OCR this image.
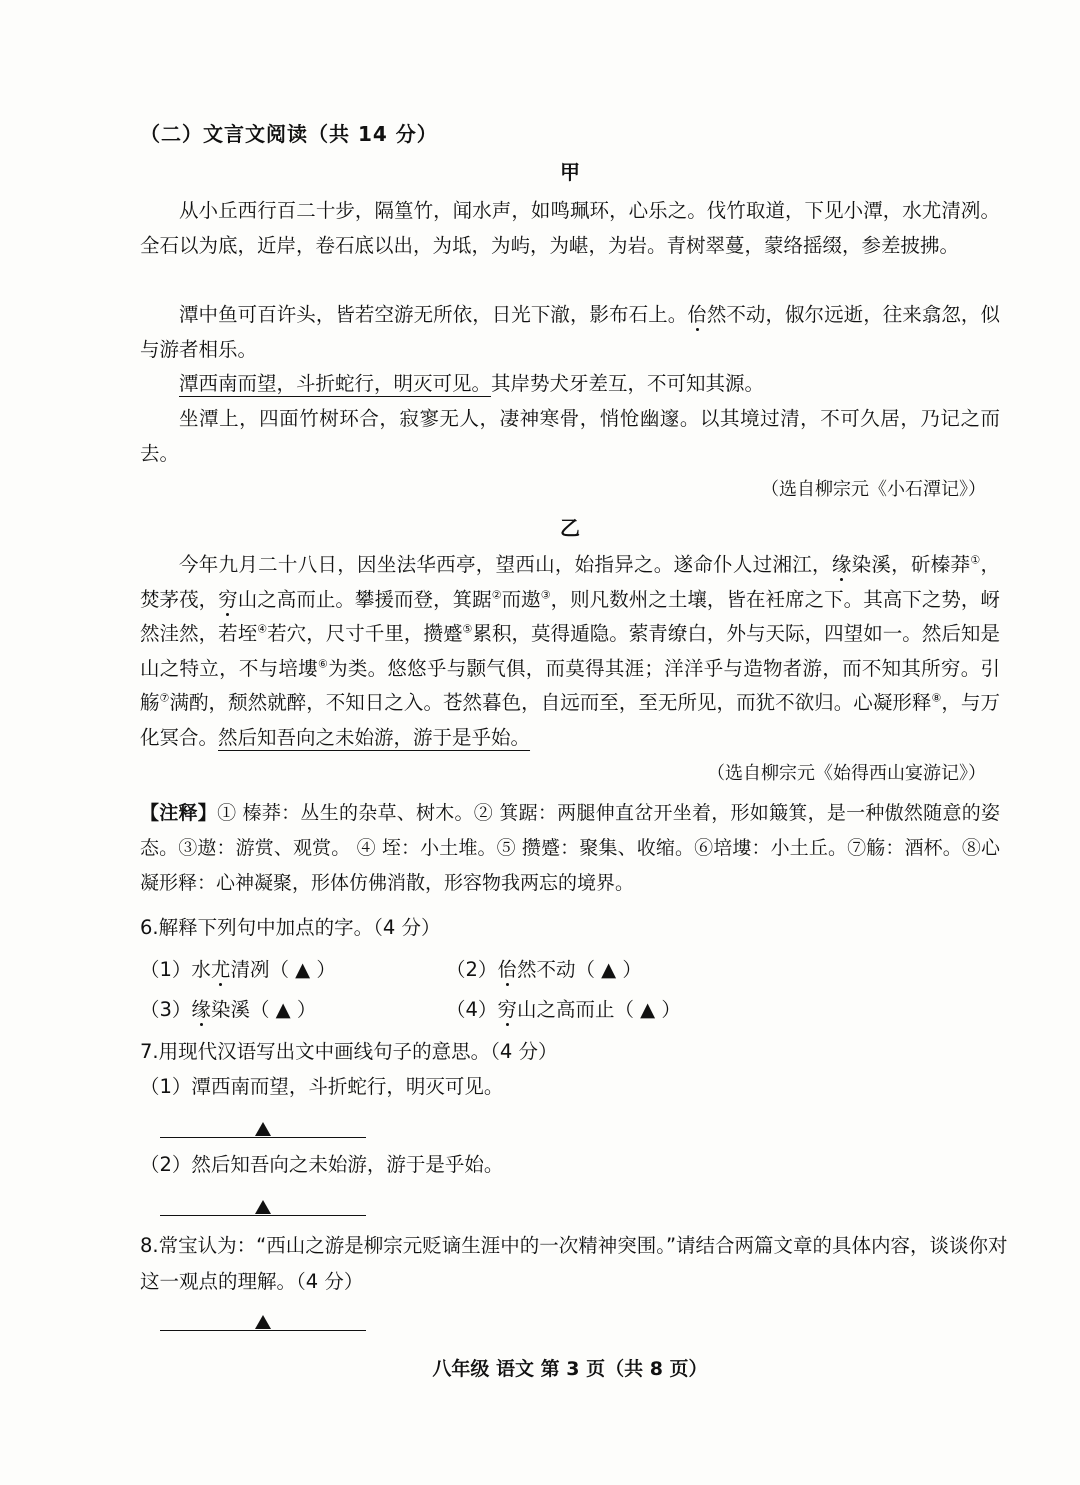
（二）文言文阅读（共 14 分）
甲
从小丘西行百二十步，隔篁竹，闻水声，如鸣珮环，心乐之。伐竹取道，下见小潭，水尤清冽。全石以为底，近岸，卷石底以出，为坻，为屿，为嵁，为岩。青树翠蔓，蒙络摇缀，参差披拂。
潭中鱼可百许头，皆若空游无所依，日光下澈，影布石上。佁然不动，俶尔远逝，往来翕忽，似与游者相乐。
潭西南而望，斗折蛇行，明灭可见。其岸势犬牙差互，不可知其源。
坐潭上，四面竹树环合，寂寥无人，凄神寒骨，悄怆幽邃。以其境过清，不可久居，乃记之而去。
（选自柳宗元《小石潭记》）
乙
今年九月二十八日，因坐法华西亭，望西山，始指异之。遂命仆人过湘江，缘染溪，斫榛莽①，焚茅茷，穷山之高而止。攀援而登，箕踞②而遨③，则凡数州之土壤，皆在衽席之下。其高下之势，岈然洼然，若垤④若穴，尺寸千里，攒蹙⑤累积，莫得遁隐。萦青缭白，外与天际，四望如一。然后知是山之特立，不与培塿⑥为类。悠悠乎与颢气俱，而莫得其涯；洋洋乎与造物者游，而不知其所穷。引觞⑦满酌，颓然就醉，不知日之入。苍然暮色，自远而至，至无所见，而犹不欲归。心凝形释⑧，与万化冥合。然后知吾向之未始游，游于是乎始。
（选自柳宗元《始得西山宴游记》）
【注释】① 榛莽：丛生的杂草、树木。② 箕踞：两腿伸直岔开坐着，形如簸箕，是一种傲然随意的姿态。③遨：游赏、观赏。 ④ 垤：小土堆。⑤ 攒蹙：聚集、收缩。⑥培塿：小土丘。⑦觞：酒杯。⑧心凝形释：心神凝聚，形体仿佛消散，形容物我两忘的境界。
6.解释下列句中加点的字。（4 分）
（1）水尤清冽（ ▲ ）	（2）佁然不动（ ▲ ）
（3）缘染溪（ ▲ ）	（4）穷山之高而止（ ▲ ）
7.用现代汉语写出文中画线句子的意思。（4 分）
（1）潭西南而望，斗折蛇行，明灭可见。
（2）然后知吾向之未始游，游于是乎始。
8.常宝认为：“西山之游是柳宗元贬谪生涯中的一次精神突围。”请结合两篇文章的具体内容，谈谈你对这一观点的理解。（4 分）
八年级 语文 第 3 页（共 8 页）
